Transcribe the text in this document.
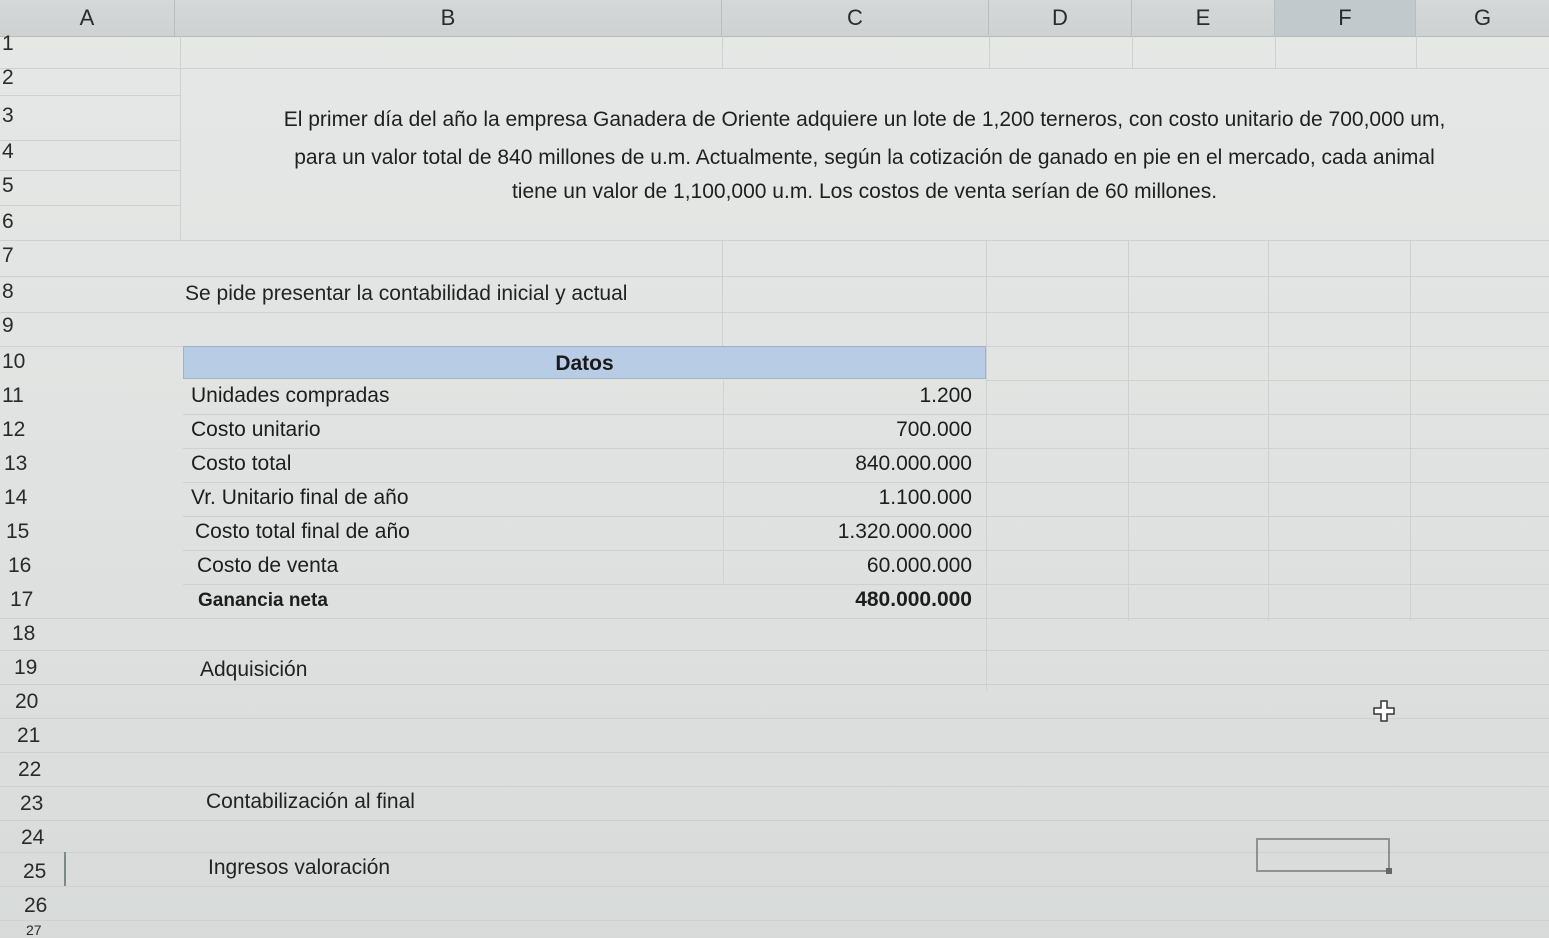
A	B	C	D	E	F	G
1
2
3
4
5
6
7
8
9
10
11
12
13
14
15
16
17
18
19
20
21
22
23
24
25
26
27
El primer día del año la empresa Ganadera de Oriente adquiere un lote de 1,200 terneros, con costo unitario de 700,000 um,
para un valor total de 840 millones de u.m. Actualmente, según la cotización de ganado en pie en el mercado, cada animal
tiene un valor de 1,100,000 u.m. Los costos de venta serían de 60 millones.
Se pide presentar la contabilidad inicial y actual
Datos
Unidades compradas	1.200
Costo unitario	700.000
Costo total	840.000.000
Vr. Unitario final de año	1.100.000
Costo total final de año	1.320.000.000
Costo de venta	60.000.000
Ganancia neta	480.000.000
Adquisición
Contabilización al final
Ingresos valoración
